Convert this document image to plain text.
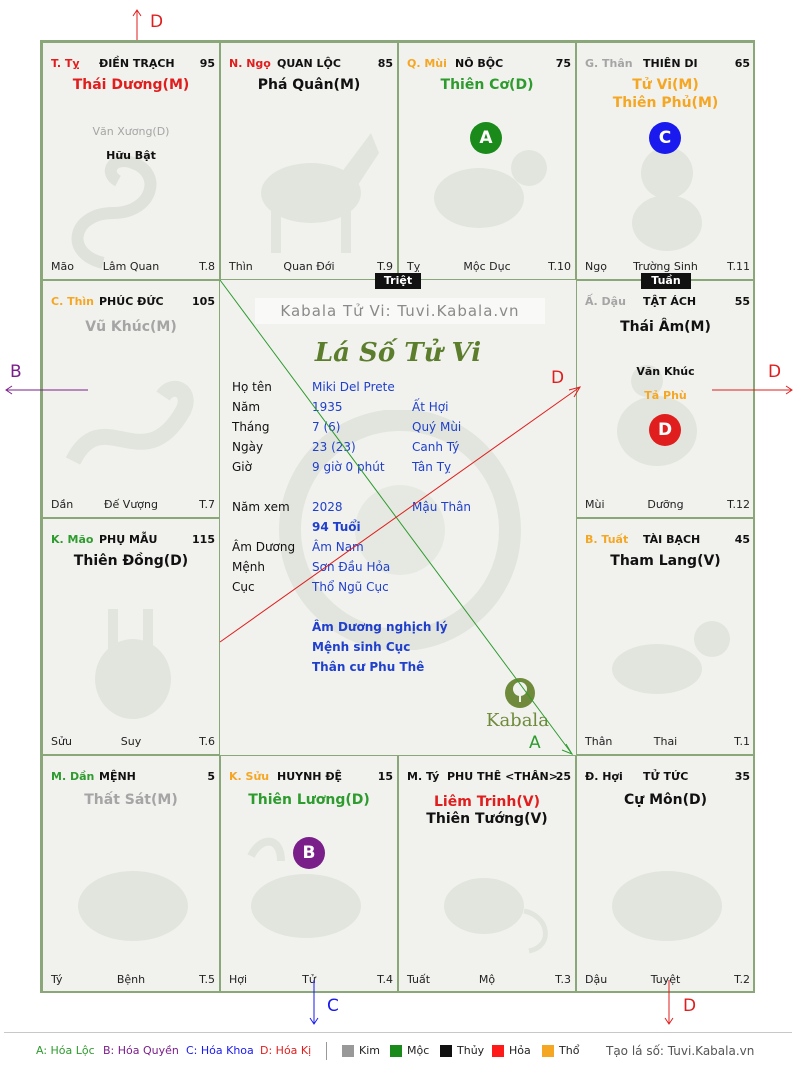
D
T. Tỵ ĐIỀN TRẠCH 95
Thái Dương(M)
Văn Xương(D)
Hữu Bật
Mão	Lâm Quan	T.8
N. Ngọ QUAN LỘC	85
Phá Quân(M)
Thìn	Quan Đới	T.9
Q. Mùi NÔ BỘC	75
Thiên Cơ(D)
A
Tỵ	Mộc Dục	T.10
G. Thân THIÊN DI	65
Tử Vi(M)
Thiên Phủ(M)
C
Ngọ	Trường Sinh	T.11
C. Thìn PHÚC ĐỨC	105
Vũ Khúc(M)
Dần	Đế Vượng	T.7
Ấ. Dậu TẬT ÁCH	55
Thái Âm(M)
Văn Khúc
Tả Phù
D
Mùi	Dưỡng	T.12
K. Mão PHỤ MẪU	115
Thiên Đồng(D)
Sửu	Suy	T.6
B. Tuất TÀI BẠCH	45
Tham Lang(V)
Thân	Thai	T.1
M. Dần MỆNH	5
Thất Sát(M)
Tý	Bệnh	T.5
K. Sửu HUYNH ĐỆ	15
Thiên Lương(D)
B
Hợi	Tử	T.4
M. Tý PHU THÊ <THÂN>
25
Liêm Trinh(V)
Thiên Tướng(V)
Tuất	Mộ	T.3
Đ. Hợi TỬ TỨC	35
Cự Môn(D)
Dậu	Tuyệt	T.2
Kabala Tử Vi: Tuvi.Kabala.vn
Lá Số Tử Vi
Họ tên	Miki Del Prete
Năm	1935	Ất Hợi
Tháng	7 (6)	Quý Mùi
Ngày	23 (23)	Canh Tý
Giờ	9 giờ 0 phút Tân Tỵ
Năm xem 2028	Mậu Thân
94 Tuổi
Âm Dương Âm Nam
Mệnh	Sơn Đầu Hỏa
Cục	Thổ Ngũ Cục
Âm Dương nghịch lý
Mệnh sinh Cục
Thân cư Phu Thê
Kabala
Triệt	Tuần
A
D
B	D
C	D
A: Hóa Lộc B: Hóa Quyền C: Hóa Khoa D: Hóa Kị	Kim Mộc	Thủy Hỏa	Thổ Tạo lá số: Tuvi.Kabala.vn
